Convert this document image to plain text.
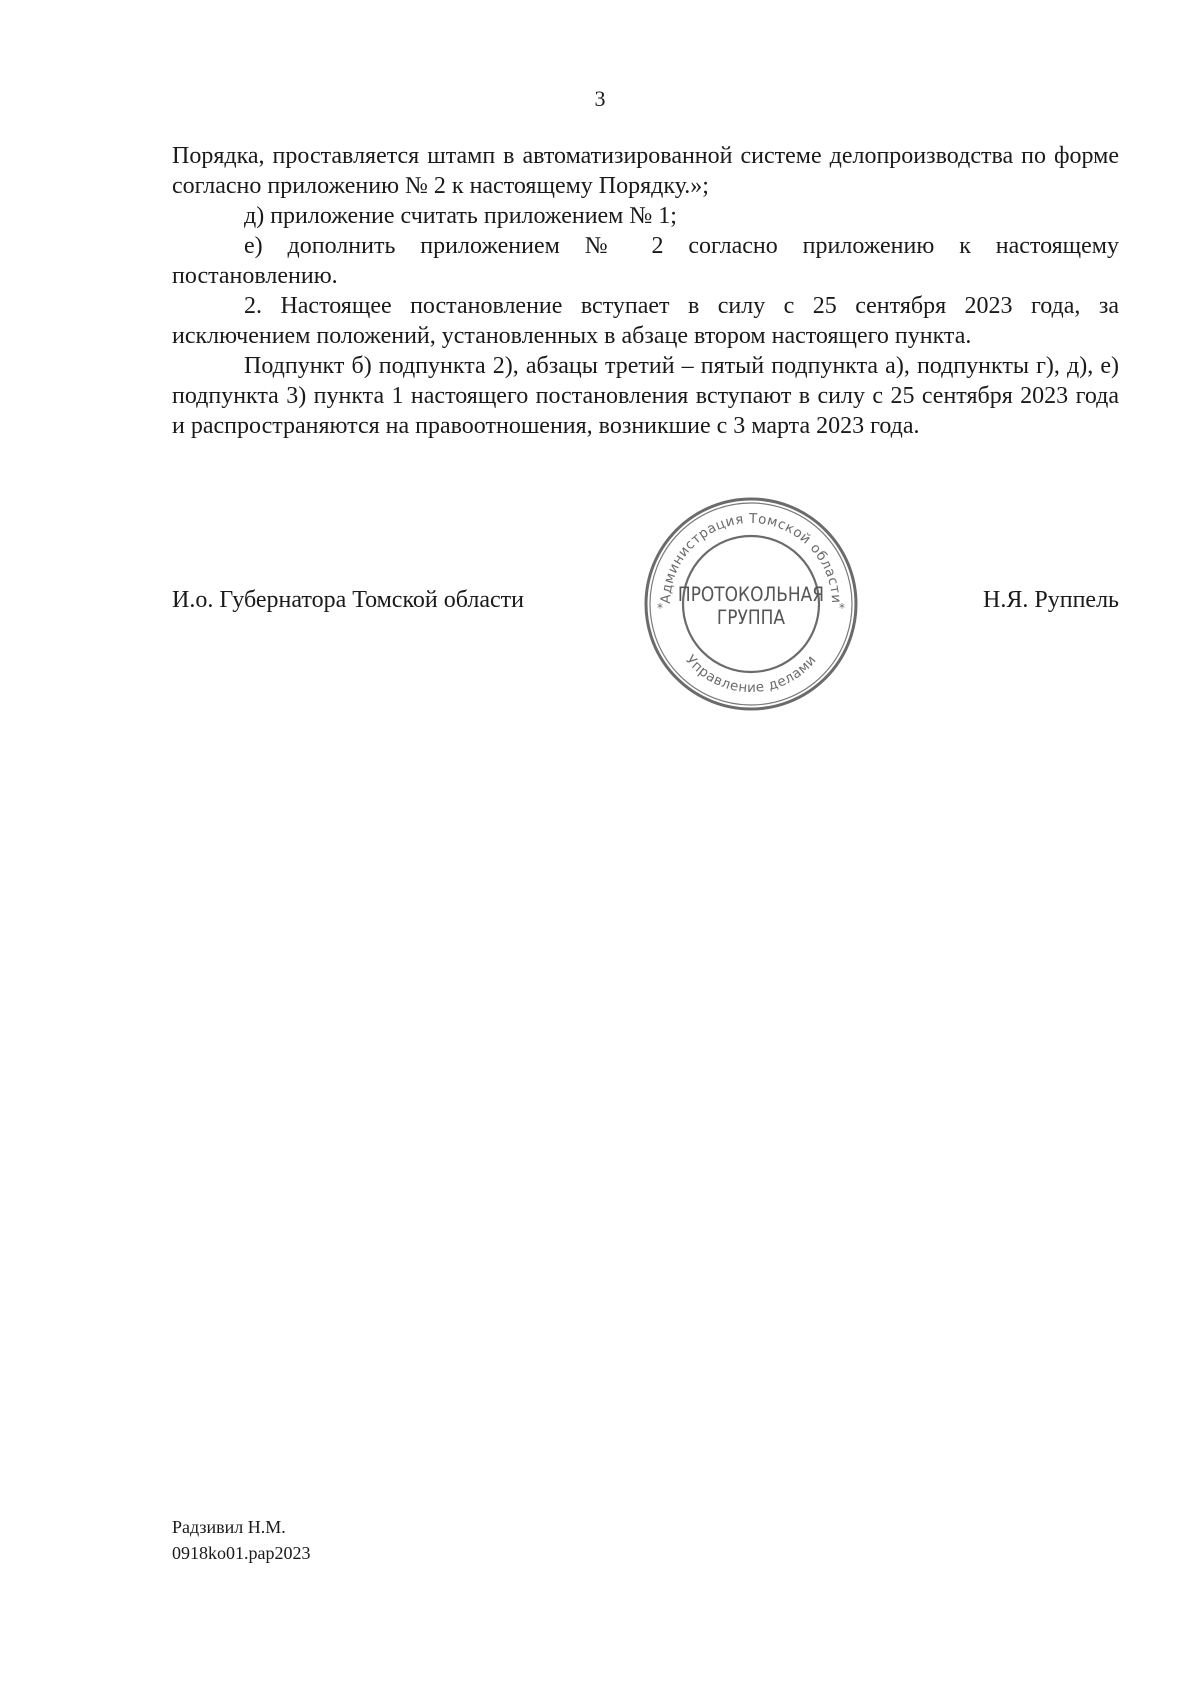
3

Порядка, проставляется штамп в автоматизированной системе делопроизводства по форме согласно приложению № 2 к настоящему Порядку.»;

д) приложение считать приложением № 1;

е) дополнить приложением № 2 согласно приложению к настоящему постановлению.

2. Настоящее постановление вступает в силу с 25 сентября 2023 года, за исключением положений, установленных в абзаце втором настоящего пункта.

Подпункт б) подпункта 2), абзацы третий – пятый подпункта а), подпункты г), д), е) подпункта 3) пункта 1 настоящего постановления вступают в силу с 25 сентября 2023 года и распространяются на правоотношения, возникшие с 3 марта 2023 года.

И.о. Губернатора Томской области	Н.Я. Руппель
Администрация Томской области
Управление делами
*	*
ПРОТОКОЛЬНАЯ
ГРУППА
Радзивил Н.М.
0918ko01.pap2023
